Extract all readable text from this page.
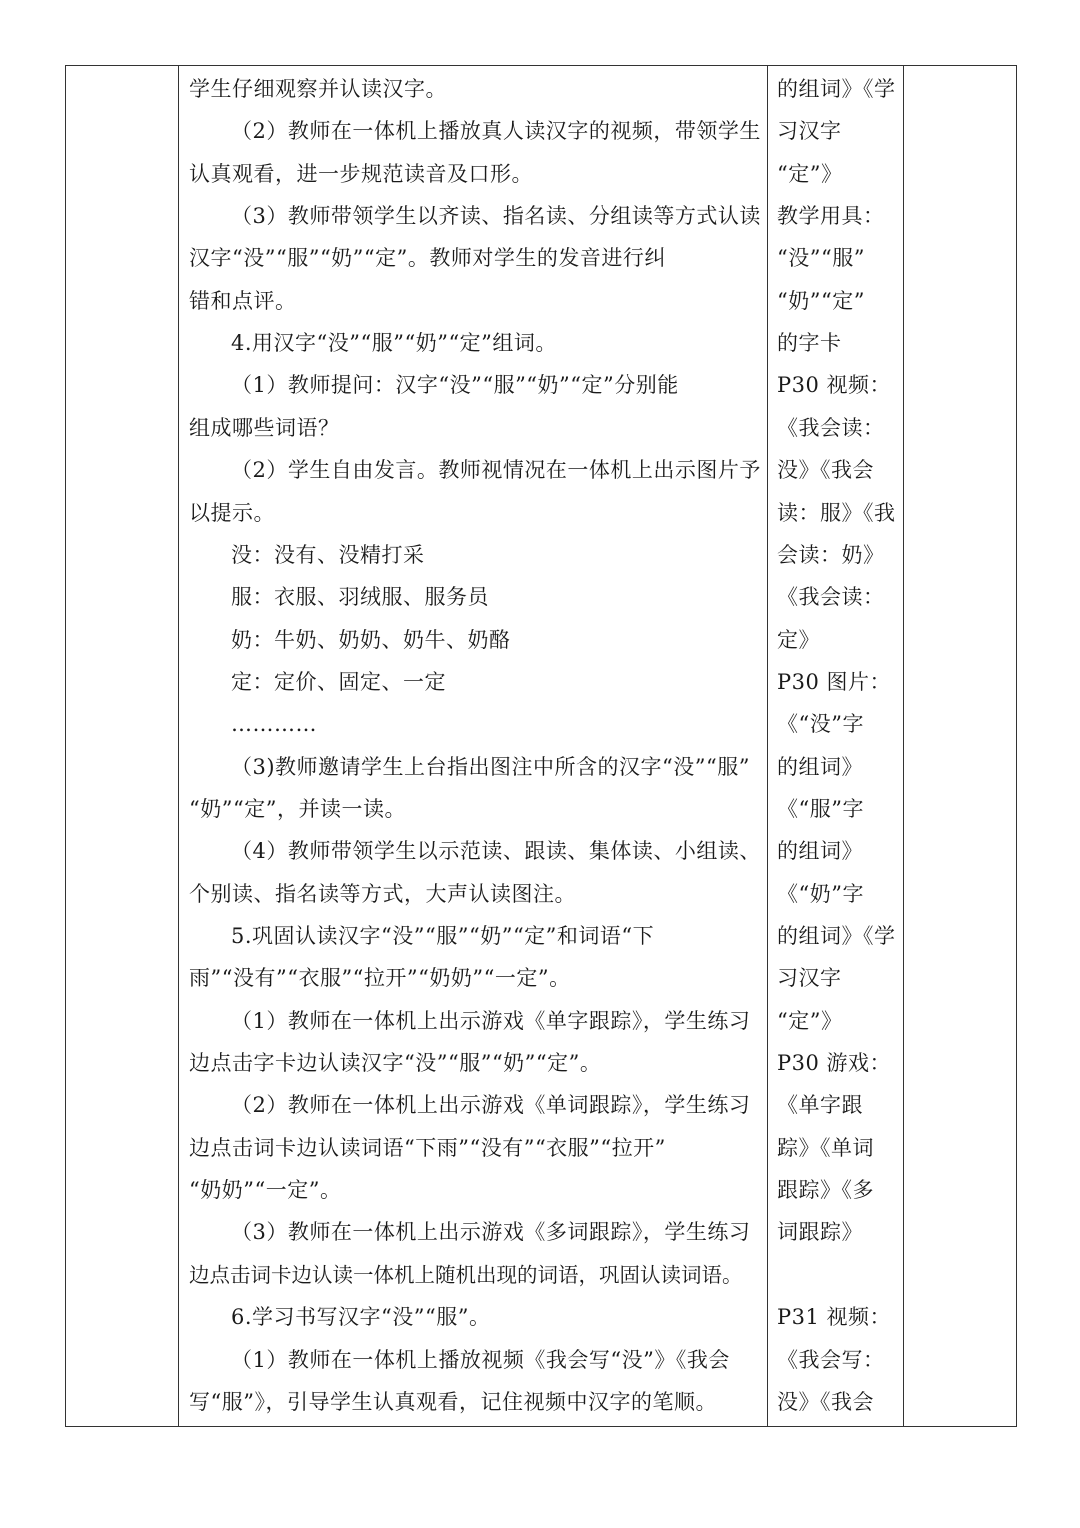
学生仔细观察并认读汉字。
（2）教师在一体机上播放真人读汉字的视频，带领学生
认真观看，进一步规范读音及口形。
（3）教师带领学生以齐读、指名读、分组读等方式认读
汉字“没”“服”“奶”“定”。教师对学生的发音进行纠
错和点评。
4.用汉字“没”“服”“奶”“定”组词。
（1）教师提问：汉字“没”“服”“奶”“定”分别能
组成哪些词语？
（2）学生自由发言。教师视情况在一体机上出示图片予
以提示。
没：没有、没精打采
服：衣服、羽绒服、服务员
奶：牛奶、奶奶、奶牛、奶酪
定：定价、固定、一定
…………
（3)教师邀请学生上台指出图注中所含的汉字“没”“服”
“奶”“定”，并读一读。
（4）教师带领学生以示范读、跟读、集体读、小组读、
个别读、指名读等方式，大声认读图注。
5.巩固认读汉字“没”“服”“奶”“定”和词语“下
雨”“没有”“衣服”“拉开”“奶奶”“一定”。
（1）教师在一体机上出示游戏《单字跟踪》，学生练习
边点击字卡边认读汉字“没”“服”“奶”“定”。
（2）教师在一体机上出示游戏《单词跟踪》，学生练习
边点击词卡边认读词语“下雨”“没有”“衣服”“拉开”
“奶奶”“一定”。
（3）教师在一体机上出示游戏《多词跟踪》，学生练习
边点击词卡边认读一体机上随机出现的词语，巩固认读词语。
6.学习书写汉字“没”“服”。
（1）教师在一体机上播放视频《我会写“没”》《我会
写“服”》，引导学生认真观看，记住视频中汉字的笔顺。
的组词》《学
习汉字
“定”》
教学用具：
“没”“服”
“奶”“定”
的字卡
P30 视频：
《我会读：
没》《我会
读：服》《我
会读：奶》
《我会读：
定》
P30 图片：
《“没”字
的组词》
《“服”字
的组词》
《“奶”字
的组词》《学
习汉字
“定”》
P30 游戏：
《单字跟
踪》《单词
跟踪》《多
词跟踪》
P31 视频：
《我会写：
没》《我会
